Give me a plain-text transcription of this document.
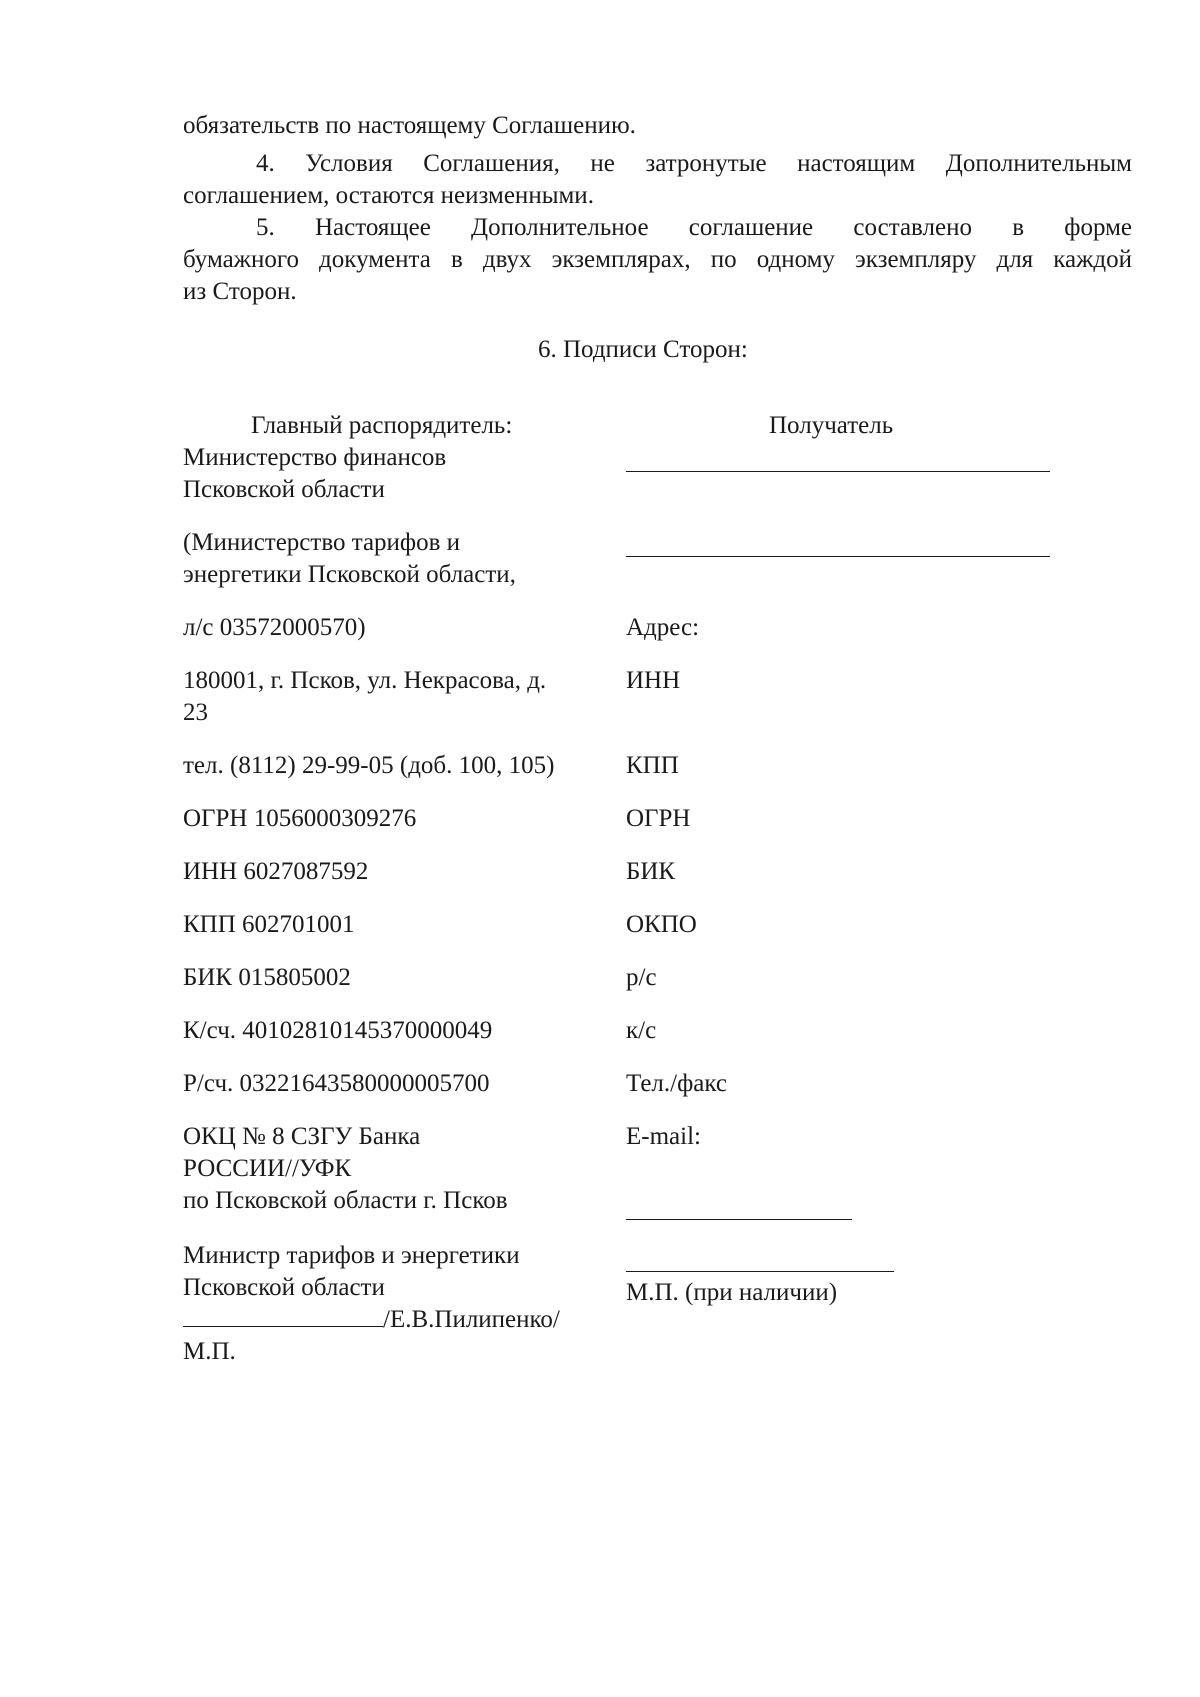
обязательств по настоящему Соглашению.
4. Условия Соглашения, не затронутые настоящим Дополнительным
соглашением, остаются неизменными.
5. Настоящее Дополнительное соглашение составлено в форме
бумажного документа в двух экземплярах, по одному экземпляру для каждой
из Сторон.
6. Подписи Сторон:
Главный распорядитель:
Министерство финансов
Псковской области
(Министерство тарифов и
энергетики Псковской области,
л/с 03572000570)
180001, г. Псков, ул. Некрасова, д.
23
тел. (8112) 29-99-05 (доб. 100, 105)
ОГРН 1056000309276
ИНН 6027087592
КПП 602701001
БИК 015805002
К/сч. 40102810145370000049
Р/сч. 03221643580000005700
ОКЦ № 8 СЗГУ Банка
РОССИИ//УФК
по Псковской области г. Псков
Министр тарифов и энергетики
Псковской области
/Е.В.Пилипенко/
М.П.
Получатель
Адрес:
ИНН
КПП
ОГРН
БИК
ОКПО
р/с
к/с
Тел./факс
E-mail:
М.П. (при наличии)
